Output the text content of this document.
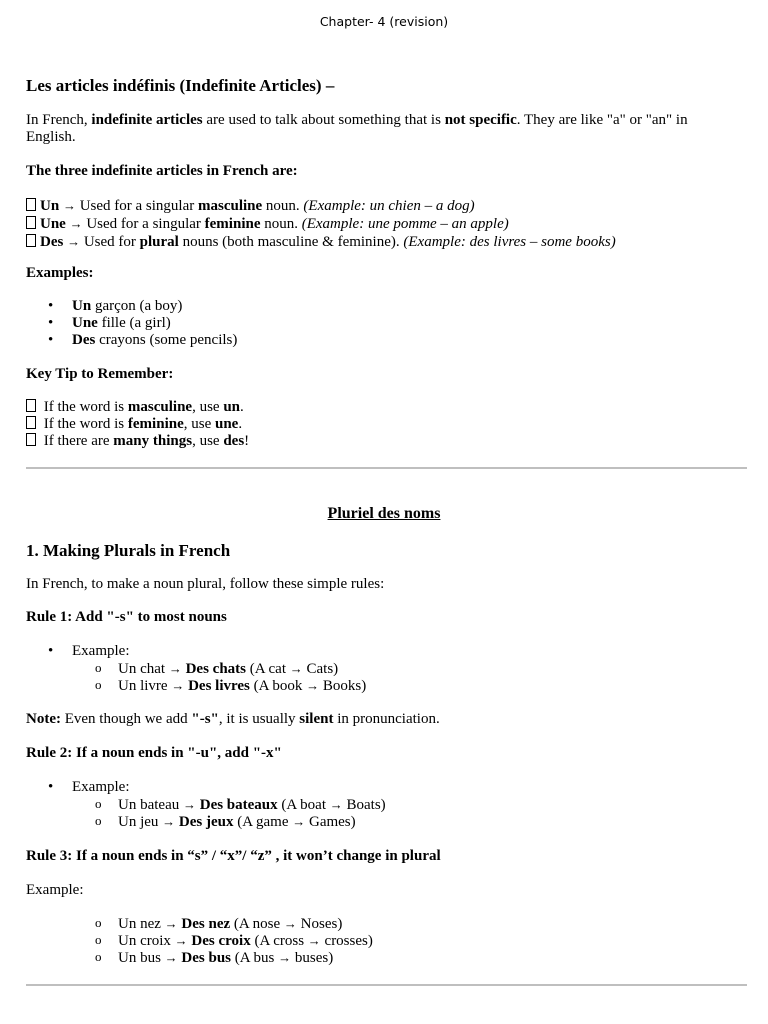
Chapter- 4 (revision)
Les articles indéfinis (Indefinite Articles) –
In French, indefinite articles are used to talk about something that is not specific. They are like "a" or "an" in
English.
The three indefinite articles in French are:
Un → Used for a singular masculine noun. (Example: un chien – a dog)
Une → Used for a singular feminine noun. (Example: une pomme – an apple)
Des → Used for plural nouns (both masculine & feminine). (Example: des livres – some books)
Examples:
• Un garçon (a boy)
• Une fille (a girl)
• Des crayons (some pencils)
Key Tip to Remember:
If the word is masculine, use un.
If the word is feminine, use une.
If there are many things, use des!
Pluriel des noms
1. Making Plurals in French
In French, to make a noun plural, follow these simple rules:
Rule 1: Add "-s" to most nouns
• Example:
o Un chat → Des chats (A cat → Cats)
o Un livre → Des livres (A book → Books)
Note: Even though we add "-s", it is usually silent in pronunciation.
Rule 2: If a noun ends in "-u", add "-x"
• Example:
o Un bateau → Des bateaux (A boat → Boats)
o Un jeu → Des jeux (A game → Games)
Rule 3: If a noun ends in “s” / “x”/ “z” , it won’t change in plural
Example:
o Un nez → Des nez (A nose → Noses)
o Un croix → Des croix (A cross → crosses)
o Un bus → Des bus (A bus → buses)
